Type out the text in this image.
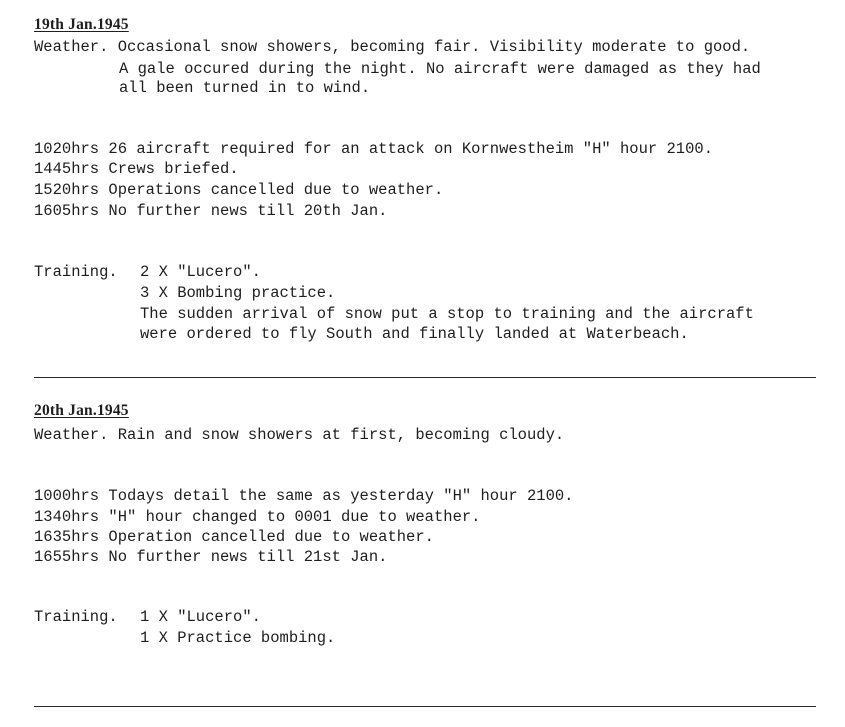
19th Jan.1945
Weather. Occasional snow showers, becoming fair. Visibility moderate to good.
A gale occured during the night. No aircraft were damaged as they had
all been turned in to wind.
1020hrs 26 aircraft required for an attack on Kornwestheim "H" hour 2100.
1445hrs Crews briefed.
1520hrs Operations cancelled due to weather.
1605hrs No further news till 20th Jan.
Training. 2 X "Lucero".
3 X Bombing practice.
The sudden arrival of snow put a stop to training and the aircraft
were ordered to fly South and finally landed at Waterbeach.
20th Jan.1945
Weather. Rain and snow showers at first, becoming cloudy.
1000hrs Todays detail the same as yesterday "H" hour 2100.
1340hrs "H" hour changed to 0001 due to weather.
1635hrs Operation cancelled due to weather.
1655hrs No further news till 21st Jan.
Training. 1 X "Lucero".
1 X Practice bombing.
